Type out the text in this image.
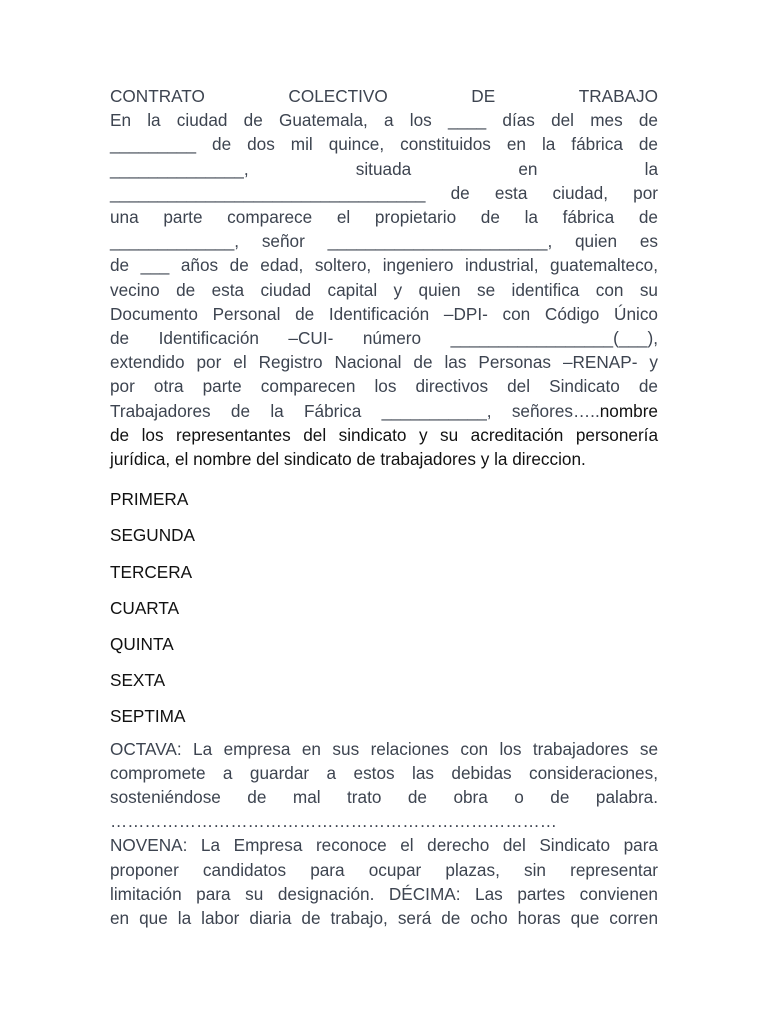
CONTRATO	COLECTIVO	DE	TRABAJO
En la ciudad de Guatemala, a los ____ días del mes de
_________ de dos mil quince, constituidos en la fábrica de
______________, situada en la
_________________________________ de esta ciudad, por
una parte comparece el propietario de la fábrica de
_____________, señor _______________________, quien es
de ___ años de edad, soltero, ingeniero industrial, guatemalteco,
vecino de esta ciudad capital y quien se identifica con su
Documento Personal de Identificación –DPI- con Código Único
de Identificación –CUI- número _________________(___),
extendido por el Registro Nacional de las Personas –RENAP- y
por otra parte comparecen los directivos del Sindicato de
Trabajadores de la Fábrica ___________, señores…..nombre
de los representantes del sindicato y su acreditación personería
jurídica, el nombre del sindicato de trabajadores y la direccion.
PRIMERA
SEGUNDA
TERCERA
CUARTA
QUINTA
SEXTA
SEPTIMA
OCTAVA: La empresa en sus relaciones con los trabajadores se
compromete a guardar a estos las debidas consideraciones,
sosteniéndose de mal trato de obra o de palabra.
……………………………………………………………………
NOVENA: La Empresa reconoce el derecho del Sindicato para
proponer candidatos para ocupar plazas, sin representar
limitación para su designación. DÉCIMA: Las partes convienen
en que la labor diaria de trabajo, será de ocho horas que corren
